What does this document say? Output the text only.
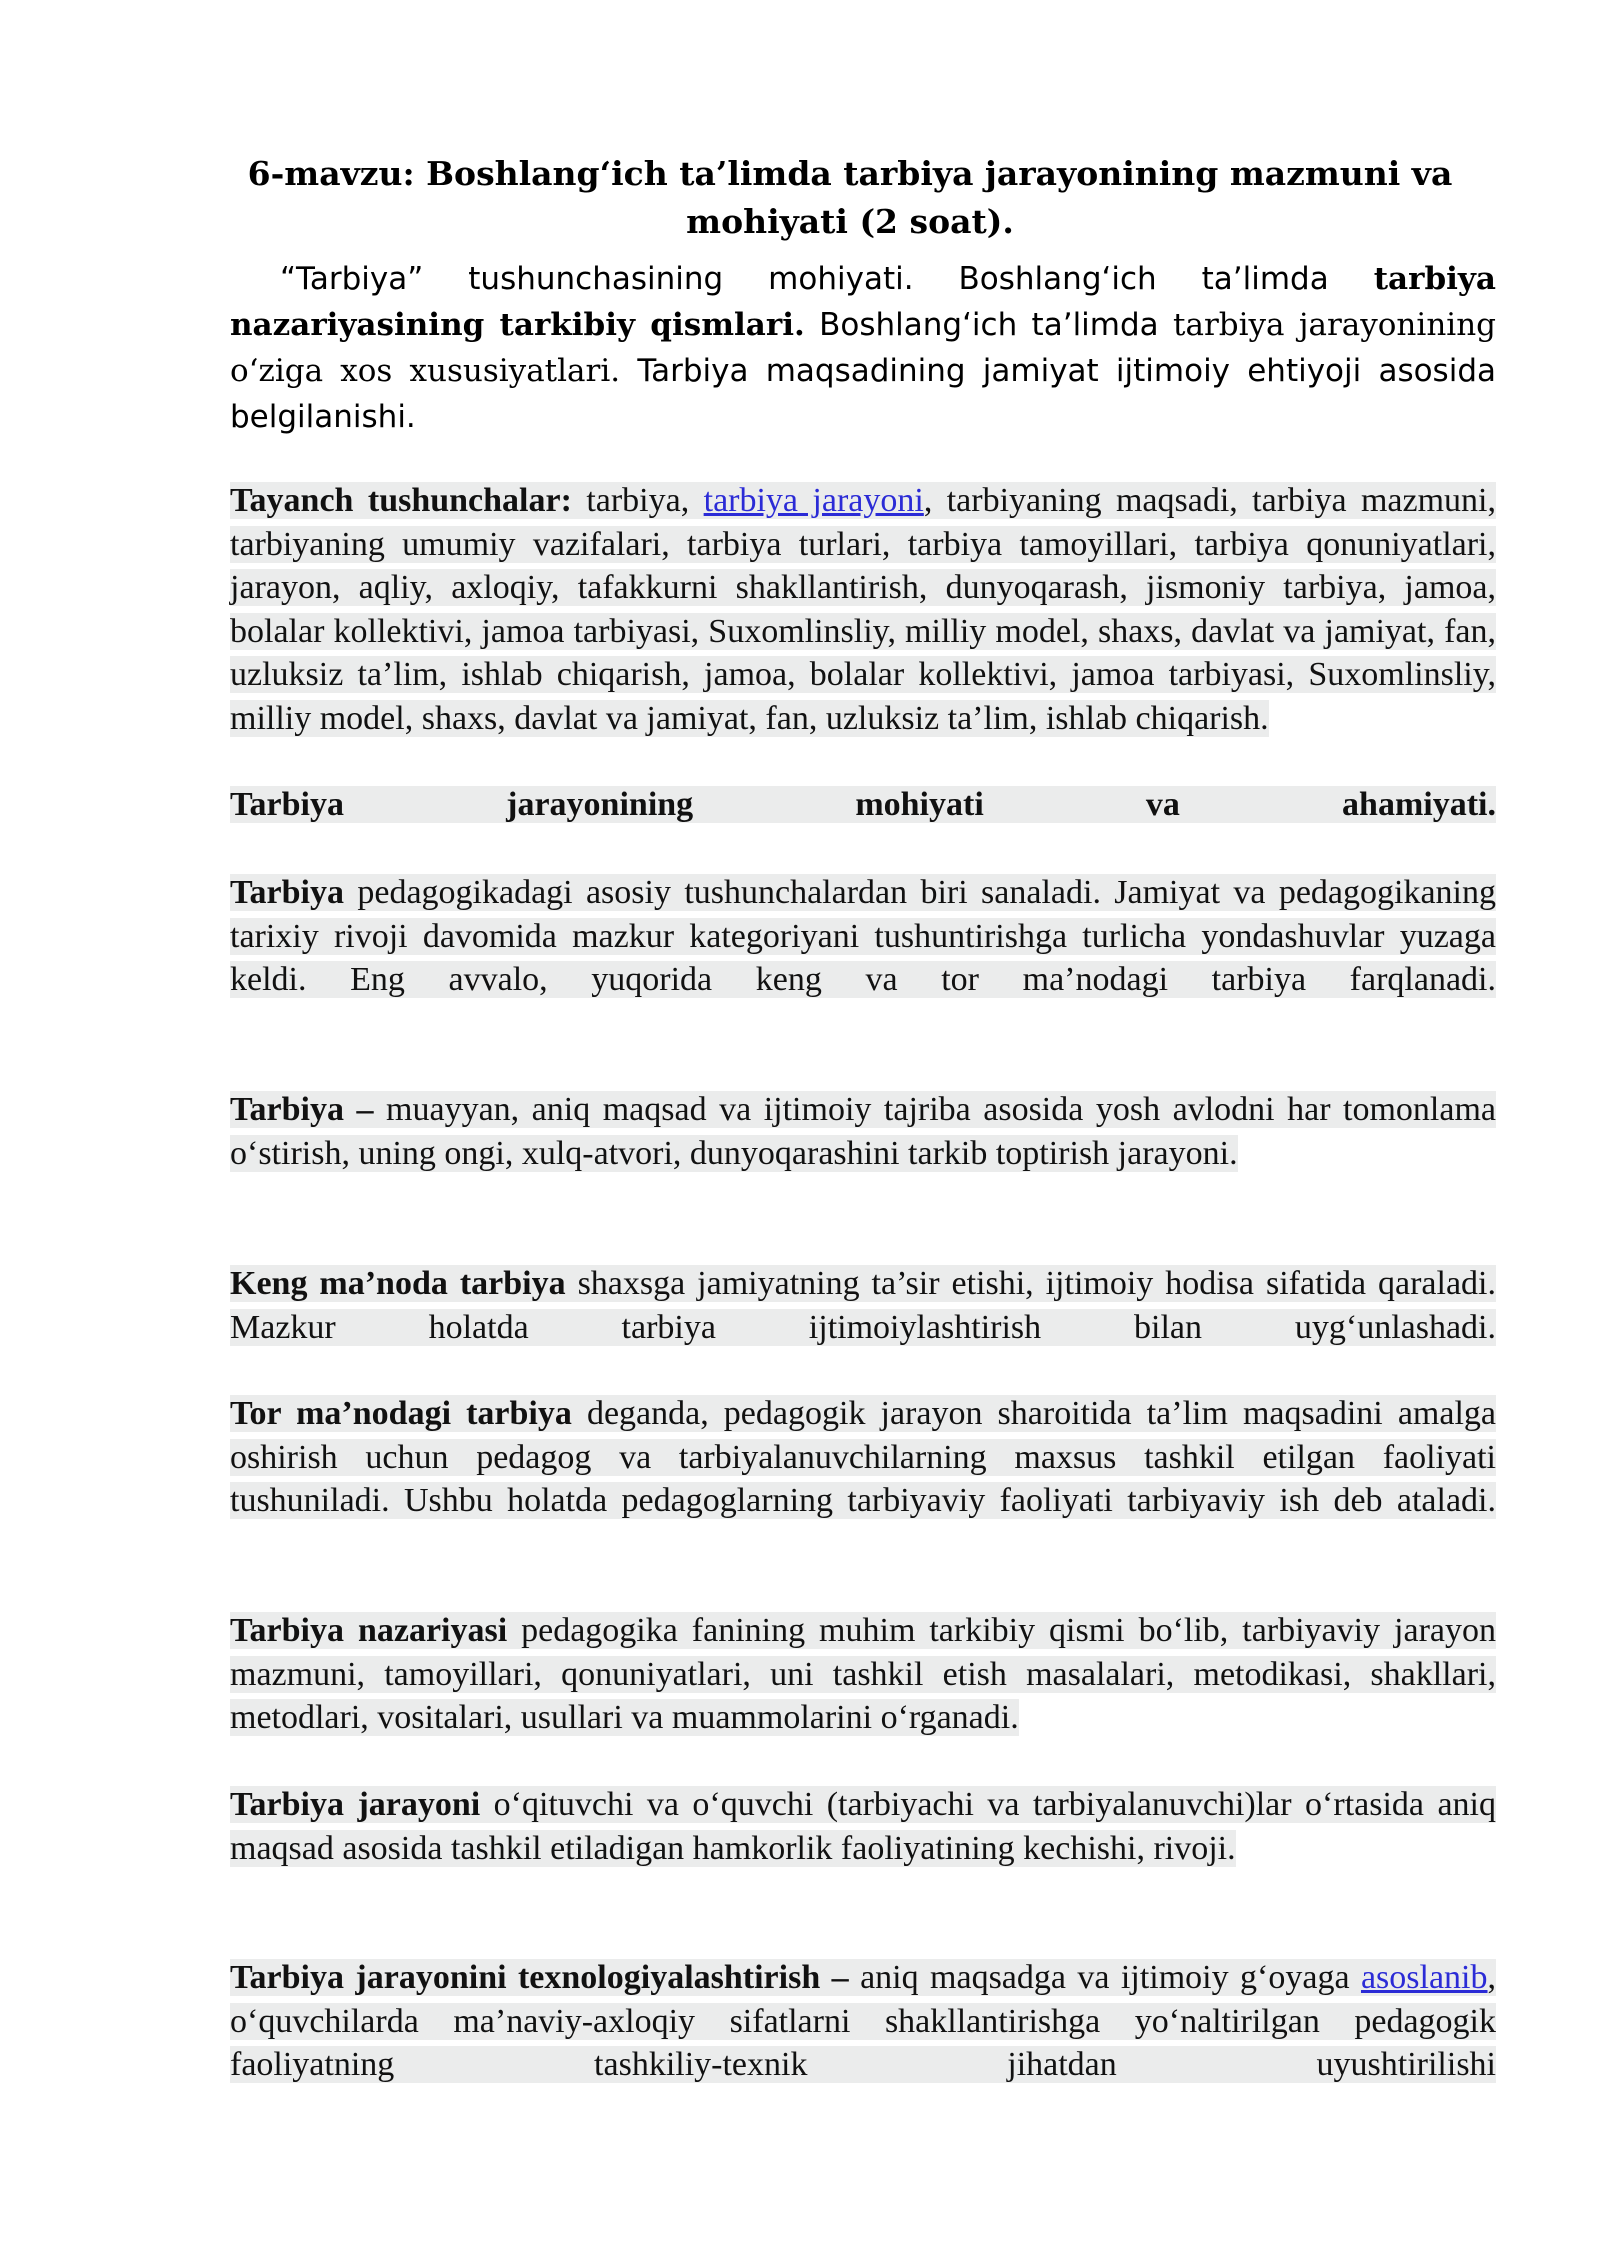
6-mavzu: Boshlang‘ich ta’limda tarbiya jarayonining mazmuni va
mohiyati (2 soat).
“Tarbiya” tushunchasining mohiyati. Boshlang‘ich ta’limda tarbiya nazariyasining tarkibiy qismlari. Boshlang‘ich ta’limda tarbiya jarayonining o‘ziga xos xususiyatlari. Tarbiya maqsadining jamiyat ijtimoiy ehtiyoji asosida belgilanishi.
Tayanch tushunchalar: tarbiya, tarbiya jarayoni, tarbiyaning maqsadi, tarbiya mazmuni, tarbiyaning umumiy vazifalari, tarbiya turlari, tarbiya tamoyillari, tarbiya qonuniyatlari, jarayon, aqliy, axloqiy, tafakkurni shakllantirish, dunyoqarash, jismoniy tarbiya, jamoa, bolalar kollektivi, jamoa tarbiyasi, Suxomlinsliy, milliy model, shaxs, davlat va jamiyat, fan, uzluksiz ta’lim, ishlab chiqarish, jamoa, bolalar kollektivi, jamoa tarbiyasi, Suxomlinsliy, milliy model, shaxs, davlat va jamiyat, fan, uzluksiz ta’lim, ishlab chiqarish.
Tarbiya jarayonining mohiyati va ahamiyati.
Tarbiya pedagogikadagi asosiy tushunchalardan biri sanaladi. Jamiyat va pedagogikaning tarixiy rivoji davomida mazkur kategoriyani tushuntirishga turlicha yondashuvlar yuzaga keldi. Eng avvalo, yuqorida keng va tor ma’nodagi tarbiya farqlanadi.
Tarbiya – muayyan, aniq maqsad va ijtimoiy tajriba asosida yosh avlodni har tomonlama o‘stirish, uning ongi, xulq-atvori, dunyoqarashini tarkib toptirish jarayoni.
Keng ma’noda tarbiya shaxsga jamiyatning ta’sir etishi, ijtimoiy hodisa sifatida qaraladi. Mazkur holatda tarbiya ijtimoiylashtirish bilan uyg‘unlashadi.
Tor ma’nodagi tarbiya deganda, pedagogik jarayon sharoitida ta’lim maqsadini amalga oshirish uchun pedagog va tarbiyalanuvchilarning maxsus tashkil etilgan faoliyati tushuniladi. Ushbu holatda pedagoglarning tarbiyaviy faoliyati tarbiyaviy ish deb ataladi.
Tarbiya nazariyasi pedagogika fanining muhim tarkibiy qismi bo‘lib, tarbiyaviy jarayon mazmuni, tamoyillari, qonuniyatlari, uni tashkil etish masalalari, metodikasi, shakllari, metodlari, vositalari, usullari va muammolarini o‘rganadi.
Tarbiya jarayoni o‘qituvchi va o‘quvchi (tarbiyachi va tarbiyalanuvchi)lar o‘rtasida aniq maqsad asosida tashkil etiladigan hamkorlik faoliyatining kechishi, rivoji.
Tarbiya jarayonini texnologiyalashtirish – aniq maqsadga va ijtimoiy g‘oyaga asoslanib, o‘quvchilarda ma’naviy-axloqiy sifatlarni shakllantirishga yo‘naltirilgan pedagogik faoliyatning tashkiliy-texnik jihatdan uyushtirilishi
